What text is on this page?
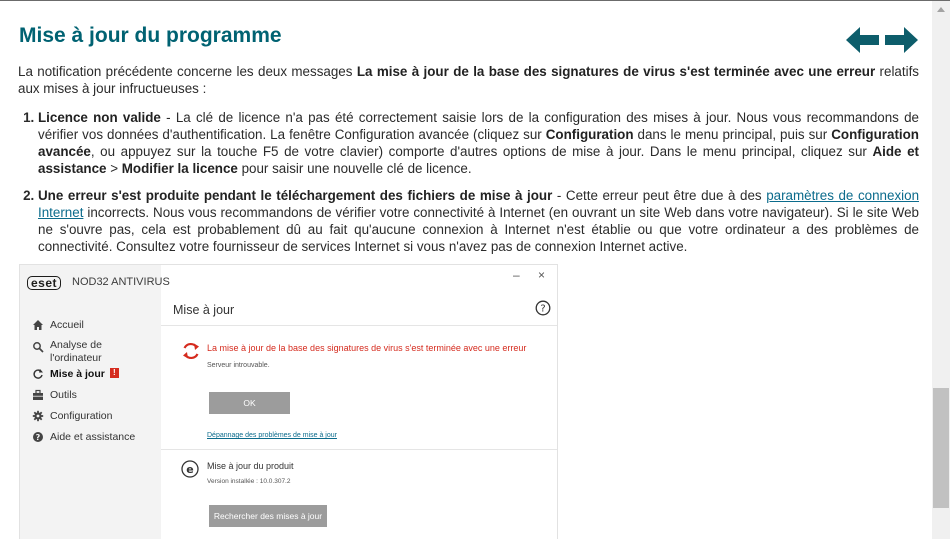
Mise à jour du programme

La notification précédente concerne les deux messages La mise à jour de la base des signatures de virus s'est terminée avec une erreur relatifs aux mises à jour infructueuses :

1. Licence non valide - La clé de licence n'a pas été correctement saisie lors de la configuration des mises à jour. Nous vous recommandons de vérifier vos données d'authentification. La fenêtre Configuration avancée (cliquez sur Configuration dans le menu principal, puis sur Configuration avancée, ou appuyez sur la touche F5 de votre clavier) comporte d'autres options de mise à jour. Dans le menu principal, cliquez sur Aide et assistance > Modifier la licence pour saisir une nouvelle clé de licence.
2. Une erreur s'est produite pendant le téléchargement des fichiers de mise à jour - Cette erreur peut être due à des paramètres de connexion Internet incorrects. Nous vous recommandons de vérifier votre connectivité à Internet (en ouvrant un site Web dans votre navigateur). Si le site Web ne s'ouvre pas, cela est probablement dû au fait qu'aucune connexion à Internet n'est établie ou que votre ordinateur a des problèmes de connectivité. Consultez votre fournisseur de services Internet si vous n'avez pas de connexion Internet active.
eset	NOD32 ANTIVIRUS
Accueil
Analyse de l'ordinateur
Mise à jour	!
Outils
Configuration
? Aide et assistance
– ×
Mise à jour	?
La mise à jour de la base des signatures de virus s'est terminée avec une erreur
Serveur introuvable.
OK
Dépannage des problèmes de mise à jour
e Mise à jour du produit
Version installée : 10.0.307.2
Rechercher des mises à jour
